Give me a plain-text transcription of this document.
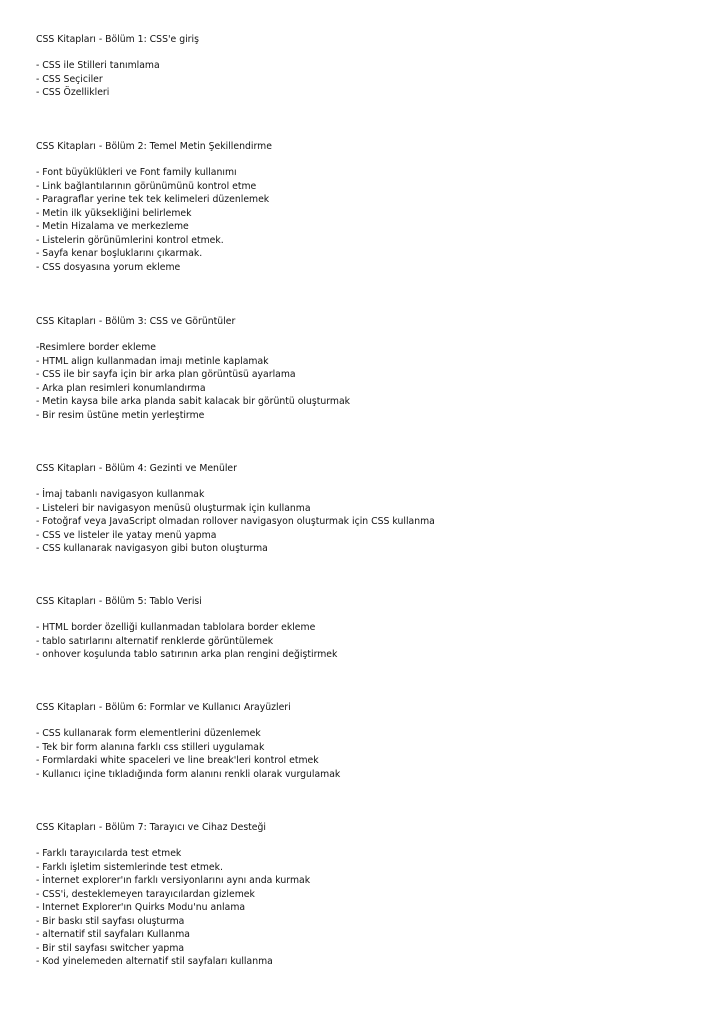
CSS Kitapları - Bölüm 1: CSS'e giriş
- CSS ile Stilleri tanımlama
- CSS Seçiciler
- CSS Özellikleri
CSS Kitapları - Bölüm 2: Temel Metin Şekillendirme
- Font büyüklükleri ve Font family kullanımı
- Link bağlantılarının görünümünü kontrol etme
- Paragraflar yerine tek tek kelimeleri düzenlemek
- Metin ilk yüksekliğini belirlemek
- Metin Hizalama ve merkezleme
- Listelerin görünümlerini kontrol etmek.
- Sayfa kenar boşluklarını çıkarmak.
- CSS dosyasına yorum ekleme
CSS Kitapları - Bölüm 3: CSS ve Görüntüler
-Resimlere border ekleme
- HTML align kullanmadan imajı metinle kaplamak
- CSS ile bir sayfa için bir arka plan görüntüsü ayarlama
- Arka plan resimleri konumlandırma
- Metin kaysa bile arka planda sabit kalacak bir görüntü oluşturmak
- Bir resim üstüne metin yerleştirme
CSS Kitapları - Bölüm 4: Gezinti ve Menüler
- İmaj tabanlı navigasyon kullanmak
- Listeleri bir navigasyon menüsü oluşturmak için kullanma
- Fotoğraf veya JavaScript olmadan rollover navigasyon oluşturmak için CSS kullanma
- CSS ve listeler ile yatay menü yapma
- CSS kullanarak navigasyon gibi buton oluşturma
CSS Kitapları - Bölüm 5: Tablo Verisi
- HTML border özelliği kullanmadan tablolara border ekleme
- tablo satırlarını alternatif renklerde görüntülemek
- onhover koşulunda tablo satırının arka plan rengini değiştirmek
CSS Kitapları - Bölüm 6: Formlar ve Kullanıcı Arayüzleri
- CSS kullanarak form elementlerini düzenlemek
- Tek bir form alanına farklı css stilleri uygulamak
- Formlardaki white spaceleri ve line break'leri kontrol etmek
- Kullanıcı içine tıkladığında form alanını renkli olarak vurgulamak
CSS Kitapları - Bölüm 7: Tarayıcı ve Cihaz Desteği
- Farklı tarayıcılarda test etmek
- Farklı işletim sistemlerinde test etmek.
- İnternet explorer'ın farklı versiyonlarını aynı anda kurmak
- CSS'i, desteklemeyen tarayıcılardan gizlemek
- Internet Explorer'ın Quirks Modu'nu anlama
- Bir baskı stil sayfası oluşturma
- alternatif stil sayfaları Kullanma
- Bir stil sayfası switcher yapma
- Kod yinelemeden alternatif stil sayfaları kullanma
